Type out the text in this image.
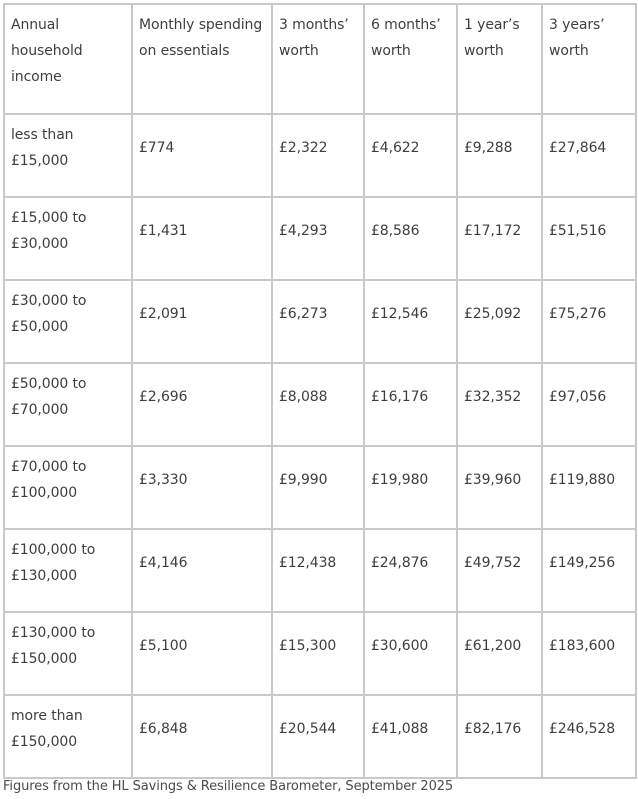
Annual household income	Monthly spending on essentials	3 months’ worth	6 months’ worth	1 year’s worth	3 years’ worth
less than £15,000	£774	£2,322	£4,622	£9,288	£27,864
£15,000 to £30,000	£1,431	£4,293	£8,586	£17,172	£51,516
£30,000 to £50,000	£2,091	£6,273	£12,546	£25,092	£75,276
£50,000 to £70,000	£2,696	£8,088	£16,176	£32,352	£97,056
£70,000 to £100,000	£3,330	£9,990	£19,980	£39,960	£119,880
£100,000 to £130,000	£4,146	£12,438	£24,876	£49,752	£149,256
£130,000 to £150,000	£5,100	£15,300	£30,600	£61,200	£183,600
more than £150,000	£6,848	£20,544	£41,088	£82,176	£246,528
Figures from the HL Savings & Resilience Barometer, September 2025
